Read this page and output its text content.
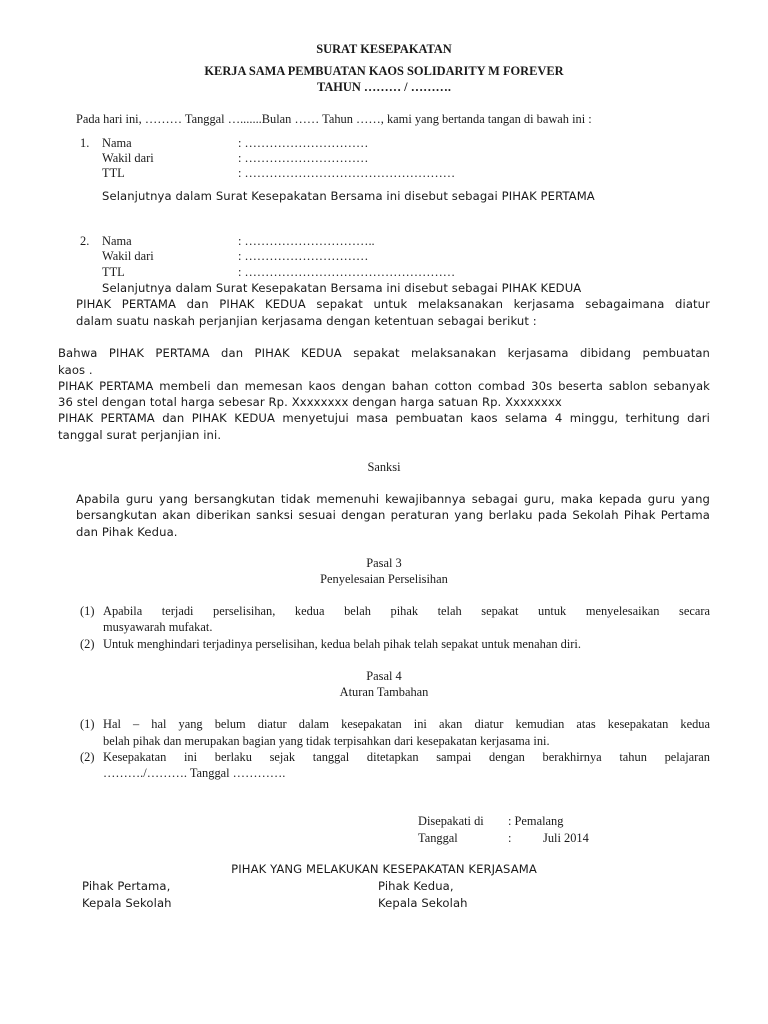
SURAT KESEPAKATAN
KERJA SAMA PEMBUATAN KAOS SOLIDARITY M FOREVER
TAHUN ……… / ……….
Pada hari ini, ……… Tanggal ….......Bulan …… Tahun ……, kami yang bertanda tangan di bawah ini :
1. Nama	: …………………………
Wakil dari	: …………………………
TTL	: ……………………………………………
Selanjutnya dalam Surat Kesepakatan Bersama ini disebut sebagai PIHAK PERTAMA
2. Nama	: …………………………..
Wakil dari	: …………………………
TTL	: ……………………………………………
Selanjutnya dalam Surat Kesepakatan Bersama ini disebut sebagai PIHAK KEDUA
PIHAK PERTAMA dan PIHAK KEDUA sepakat untuk melaksanakan kerjasama sebagaimana diatur
dalam suatu naskah perjanjian kerjasama dengan ketentuan sebagai berikut :
Bahwa PIHAK PERTAMA dan PIHAK KEDUA sepakat melaksanakan kerjasama dibidang pembuatan
kaos .
PIHAK PERTAMA membeli dan memesan kaos dengan bahan cotton combad 30s beserta sablon sebanyak
36 stel dengan total harga sebesar Rp. Xxxxxxxx dengan harga satuan Rp. Xxxxxxxx
PIHAK PERTAMA dan PIHAK KEDUA menyetujui masa pembuatan kaos selama 4 minggu, terhitung dari
tanggal surat perjanjian ini.
Sanksi
Apabila guru yang bersangkutan tidak memenuhi kewajibannya sebagai guru, maka kepada guru yang
bersangkutan akan diberikan sanksi sesuai dengan peraturan yang berlaku pada Sekolah Pihak Pertama
dan Pihak Kedua.
Pasal 3
Penyelesaian Perselisihan
(1) Apabila terjadi perselisihan, kedua belah pihak telah sepakat untuk menyelesaikan secara
musyawarah mufakat.
(2) Untuk menghindari terjadinya perselisihan, kedua belah pihak telah sepakat untuk menahan diri.
Pasal 4
Aturan Tambahan
(1) Hal – hal yang belum diatur dalam kesepakatan ini akan diatur kemudian atas kesepakatan kedua
belah pihak dan merupakan bagian yang tidak terpisahkan dari kesepakatan kerjasama ini.
(2) Kesepakatan ini berlaku sejak tanggal ditetapkan sampai dengan berakhirnya tahun pelajaran
………./………. Tanggal ………….
Disepakati di : Pemalang
Tanggal	:	Juli 2014
PIHAK YANG MELAKUKAN KESEPAKATAN KERJASAMA
Pihak Pertama,
Kepala Sekolah
Pihak Kedua,
Kepala Sekolah
